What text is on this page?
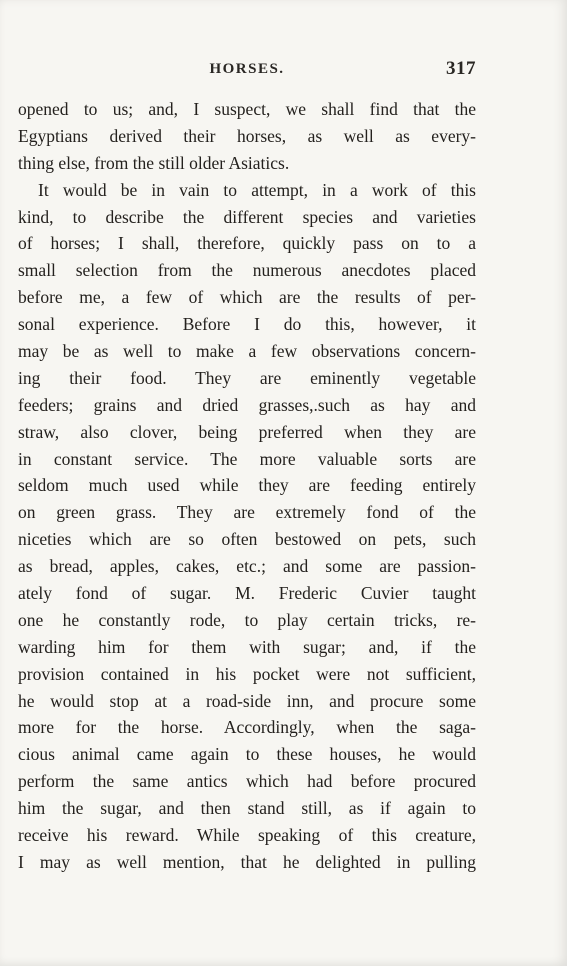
HORSES.	317
opened to us; and, I suspect, we shall find that the
Egyptians derived their horses, as well as every-
thing else, from the still older Asiatics.
It would be in vain to attempt, in a work of this
kind, to describe the different species and varieties
of horses; I shall, therefore, quickly pass on to a
small selection from the numerous anecdotes placed
before me, a few of which are the results of per-
sonal experience. Before I do this, however, it
may be as well to make a few observations concern-
ing their food. They are eminently vegetable
feeders; grains and dried grasses,.such as hay and
straw, also clover, being preferred when they are
in constant service. The more valuable sorts are
seldom much used while they are feeding entirely
on green grass. They are extremely fond of the
niceties which are so often bestowed on pets, such
as bread, apples, cakes, etc.; and some are passion-
ately fond of sugar. M. Frederic Cuvier taught
one he constantly rode, to play certain tricks, re-
warding him for them with sugar; and, if the
provision contained in his pocket were not sufficient,
he would stop at a road-side inn, and procure some
more for the horse. Accordingly, when the saga-
cious animal came again to these houses, he would
perform the same antics which had before procured
him the sugar, and then stand still, as if again to
receive his reward. While speaking of this creature,
I may as well mention, that he delighted in pulling
